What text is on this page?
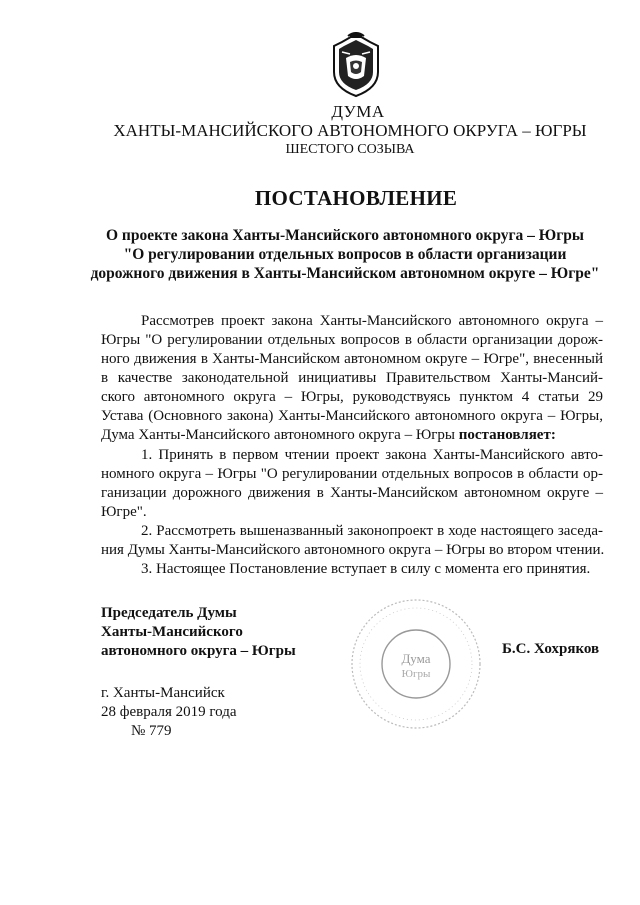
ДУМА
ХАНТЫ-МАНСИЙСКОГО АВТОНОМНОГО ОКРУГА – ЮГРЫ
ШЕСТОГО СОЗЫВА
ПОСТАНОВЛЕНИЕ
О проекте закона Ханты-Мансийского автономного округа – Югры
"О регулировании отдельных вопросов в области организации
дорожного движения в Ханты-Мансийском автономном округе – Югре"
Рассмотрев проект закона Ханты-Мансийского автономного округа –
Югры "О регулировании отдельных вопросов в области организации дорож-
ного движения в Ханты-Мансийском автономном округе – Югре", внесенный
в качестве законодательной инициативы Правительством Ханты-Мансий-
ского автономного округа – Югры, руководствуясь пунктом 4 статьи 29
Устава (Основного закона) Ханты-Мансийского автономного округа – Югры,
Дума Ханты-Мансийского автономного округа – Югры постановляет:
1. Принять в первом чтении проект закона Ханты-Мансийского авто-
номного округа – Югры "О регулировании отдельных вопросов в области ор-
ганизации дорожного движения в Ханты-Мансийском автономном округе –
Югре".
2. Рассмотреть вышеназванный законопроект в ходе настоящего заседа-
ния Думы Ханты-Мансийского автономного округа – Югры во втором чтении.
3. Настоящее Постановление вступает в силу с момента его принятия.
Председатель Думы
Ханты-Мансийского
автономного округа – Югры	Дума
Югры
Б.С. Хохряков
г. Ханты-Мансийск
28 февраля 2019 года
№ 779
